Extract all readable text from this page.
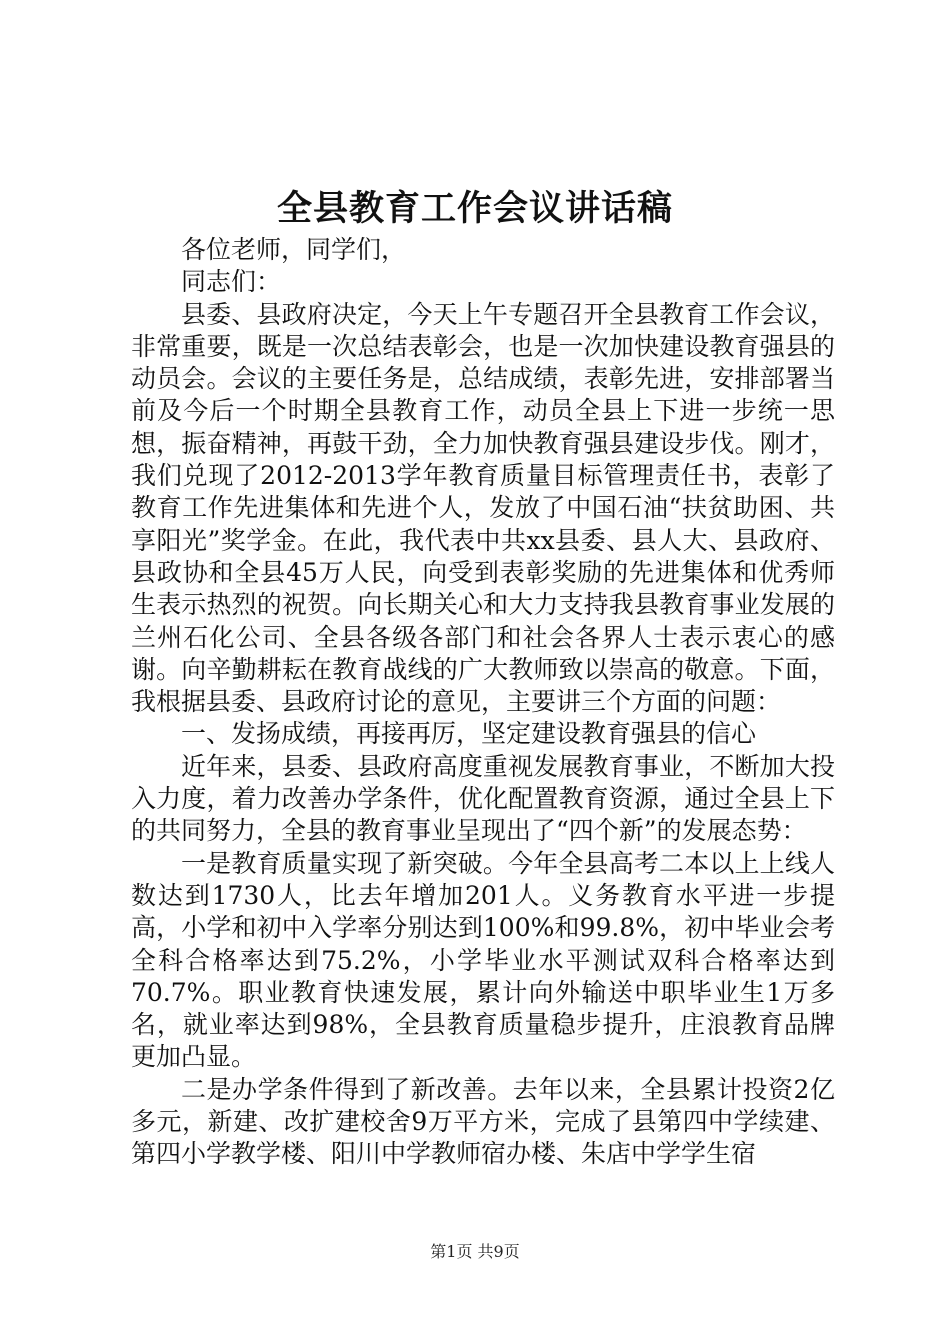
全县教育工作会议讲话稿

各位老师，同学们，

同志们：

县委、县政府决定，今天上午专题召开全县教育工作会议，非常重要，既是一次总结表彰会，也是一次加快建设教育强县的动员会。会议的主要任务是，总结成绩，表彰先进，安排部署当前及今后一个时期全县教育工作，动员全县上下进一步统一思想，振奋精神，再鼓干劲，全力加快教育强县建设步伐。刚才，我们兑现了2012-2013学年教育质量目标管理责任书，表彰了教育工作先进集体和先进个人，发放了中国石油“扶贫助困、共享阳光”奖学金。在此，我代表中共xx县委、县人大、县政府、县政协和全县45万人民，向受到表彰奖励的先进集体和优秀师生表示热烈的祝贺。向长期关心和大力支持我县教育事业发展的兰州石化公司、全县各级各部门和社会各界人士表示衷心的感谢。向辛勤耕耘在教育战线的广大教师致以崇高的敬意。下面，我根据县委、县政府讨论的意见，主要讲三个方面的问题：

一、发扬成绩，再接再厉，坚定建设教育强县的信心

近年来，县委、县政府高度重视发展教育事业，不断加大投入力度，着力改善办学条件，优化配置教育资源，通过全县上下的共同努力，全县的教育事业呈现出了“四个新”的发展态势：

一是教育质量实现了新突破。今年全县高考二本以上上线人数达到1730人，比去年增加201人。义务教育水平进一步提高，小学和初中入学率分别达到100%和99.8%，初中毕业会考全科合格率达到75.2%，小学毕业水平测试双科合格率达到70.7%。职业教育快速发展，累计向外输送中职毕业生1万多名，就业率达到98%，全县教育质量稳步提升，庄浪教育品牌更加凸显。

二是办学条件得到了新改善。去年以来，全县累计投资2亿多元，新建、改扩建校舍9万平方米，完成了县第四中学续建、第四小学教学楼、阳川中学教师宿办楼、朱店中学学生宿

第1页 共9页
